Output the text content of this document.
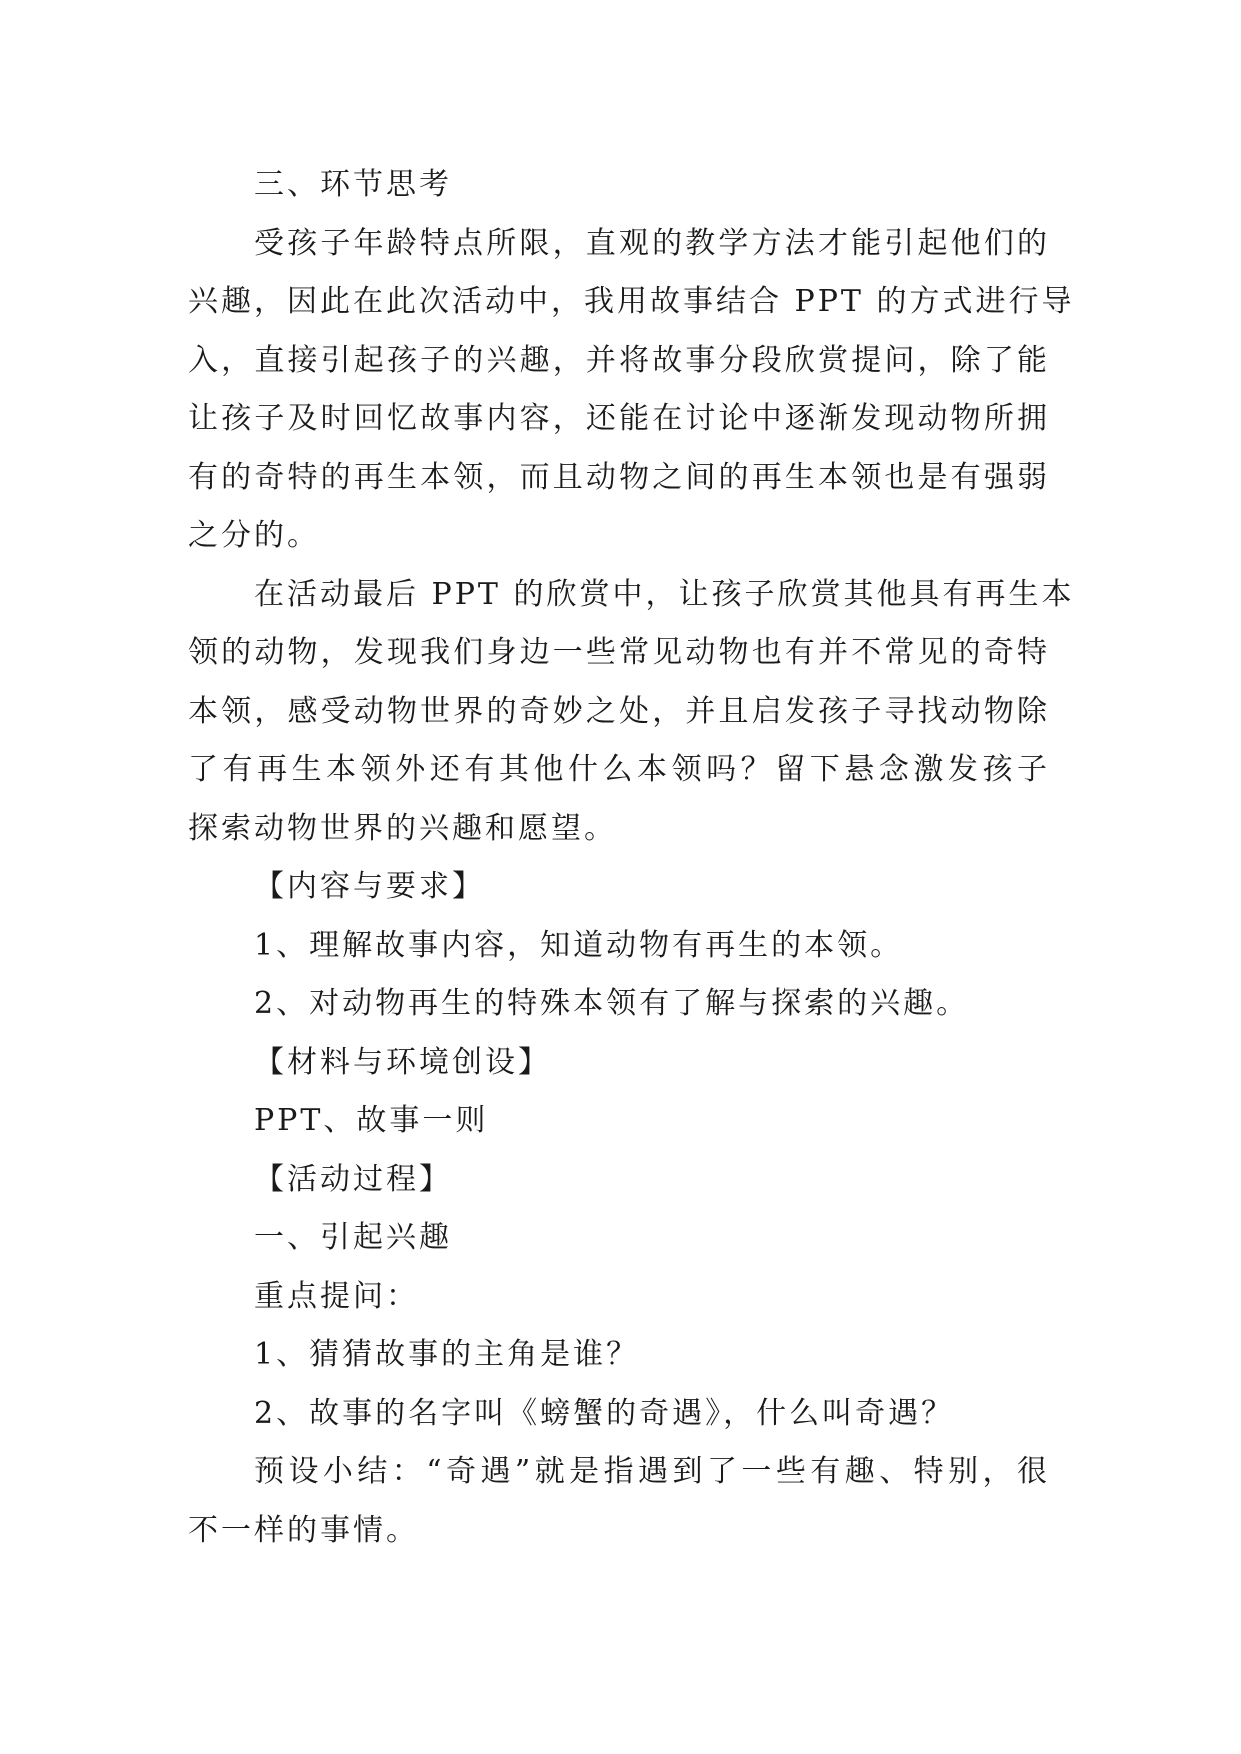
三、环节思考

受孩子年龄特点所限，直观的教学方法才能引起他们的

兴趣，因此在此次活动中，我用故事结合 PPT 的方式进行导

入，直接引起孩子的兴趣，并将故事分段欣赏提问，除了能

让孩子及时回忆故事内容，还能在讨论中逐渐发现动物所拥

有的奇特的再生本领，而且动物之间的再生本领也是有强弱

之分的。

在活动最后 PPT 的欣赏中，让孩子欣赏其他具有再生本

领的动物，发现我们身边一些常见动物也有并不常见的奇特

本领，感受动物世界的奇妙之处，并且启发孩子寻找动物除

了有再生本领外还有其他什么本领吗？留下悬念激发孩子

探索动物世界的兴趣和愿望。

【内容与要求】

1、理解故事内容，知道动物有再生的本领。

2、对动物再生的特殊本领有了解与探索的兴趣。

【材料与环境创设】

PPT、故事一则

【活动过程】

一、引起兴趣

重点提问：

1、猜猜故事的主角是谁？

2、故事的名字叫《螃蟹的奇遇》，什么叫奇遇？

预设小结：“奇遇”就是指遇到了一些有趣、特别，很

不一样的事情。
